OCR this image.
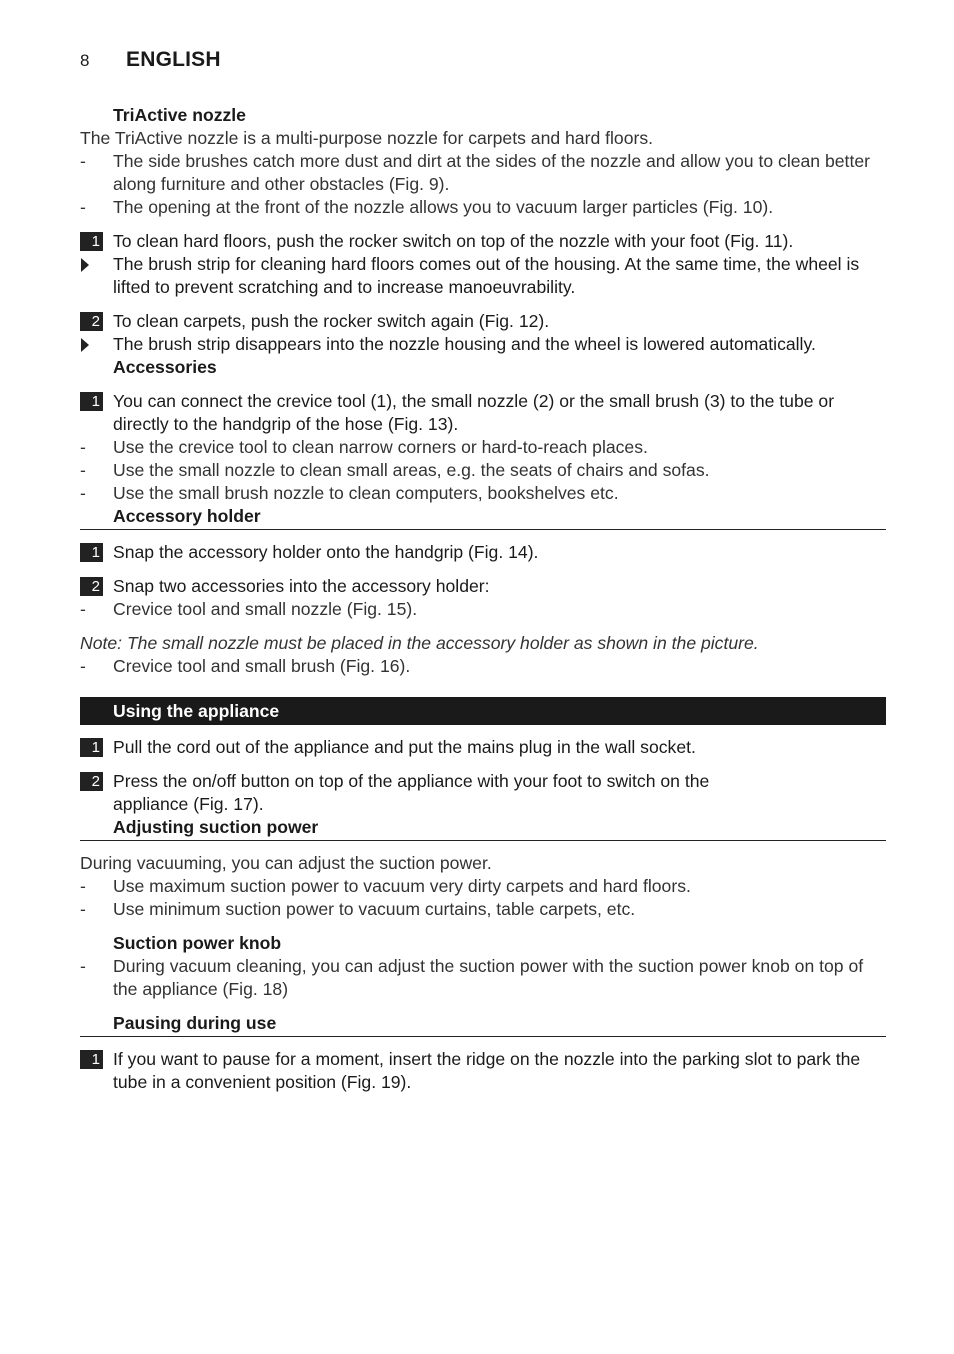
8	ENGLISH
TriActive nozzle
The TriActive nozzle is a multi-purpose nozzle for carpets and hard floors.
-	The side brushes catch more dust and dirt at the sides of the nozzle and allow you to clean better along furniture and other obstacles (Fig. 9).
-	The opening at the front of the nozzle allows you to vacuum larger particles (Fig. 10).
1 To clean hard floors, push the rocker switch on top of the nozzle with your foot (Fig. 11).
The brush strip for cleaning hard floors comes out of the housing. At the same time, the wheel is lifted to prevent scratching and to increase manoeuvrability.
2 To clean carpets, push the rocker switch again (Fig. 12).
The brush strip disappears into the nozzle housing and the wheel is lowered automatically.
Accessories
1 You can connect the crevice tool (1), the small nozzle (2) or the small brush (3) to the tube or directly to the handgrip of the hose (Fig. 13).
-	Use the crevice tool to clean narrow corners or hard-to-reach places.
-	Use the small nozzle to clean small areas, e.g. the seats of chairs and sofas.
-	Use the small brush nozzle to clean computers, bookshelves etc.
Accessory holder
1 Snap the accessory holder onto the handgrip (Fig. 14).
2 Snap two accessories into the accessory holder:
-	Crevice tool and small nozzle (Fig. 15).
Note: The small nozzle must be placed in the accessory holder as shown in the picture.
-	Crevice tool and small brush (Fig. 16).
Using the appliance
1 Pull the cord out of the appliance and put the mains plug in the wall socket.
2 Press the on/off button on top of the appliance with your foot to switch on the appliance (Fig. 17).
Adjusting suction power
During vacuuming, you can adjust the suction power.
-	Use maximum suction power to vacuum very dirty carpets and hard floors.
-	Use minimum suction power to vacuum curtains, table carpets, etc.
Suction power knob
-	During vacuum cleaning, you can adjust the suction power with the suction power knob on top of the appliance (Fig. 18)
Pausing during use
1 If you want to pause for a moment, insert the ridge on the nozzle into the parking slot to park the tube in a convenient position (Fig. 19).
